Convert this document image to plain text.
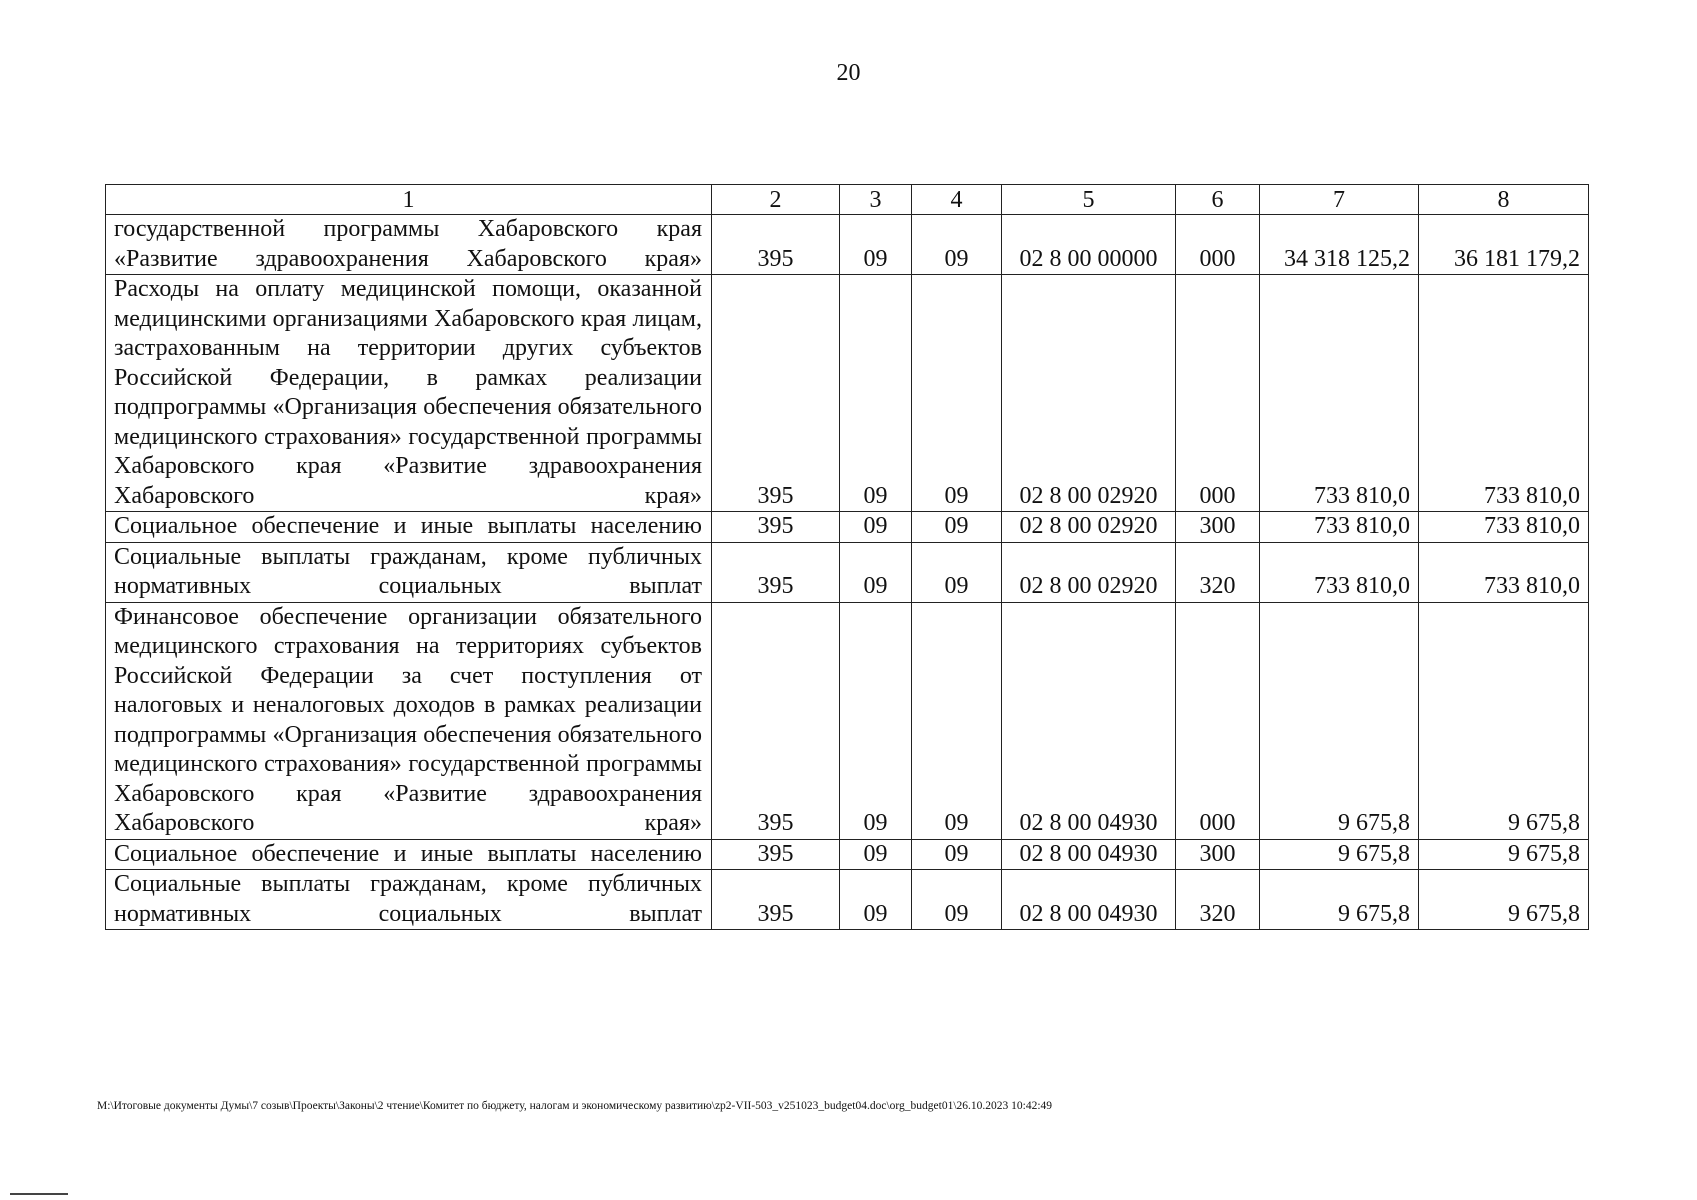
20
1	2	3	4	5	6	7	8
государственной программы Хабаровского края «Развитие здравоохранения Хабаровского края»	395	09	09	02 8 00 00000	000	34 318 125,2	36 181 179,2
Расходы на оплату медицинской помощи, оказанной медицинскими организациями Хабаровского края лицам, застрахованным на территории других субъектов Российской Федерации, в рамках реализации подпрограммы «Организация обеспечения обязательного медицинского страхования» государственной программы Хабаровского края «Развитие здравоохранения Хабаровского края»	395	09	09	02 8 00 02920	000	733 810,0	733 810,0
Социальное обеспечение и иные выплаты населению	395	09	09	02 8 00 02920	300	733 810,0	733 810,0
Социальные выплаты гражданам, кроме публичных нормативных социальных выплат	395	09	09	02 8 00 02920	320	733 810,0	733 810,0
Финансовое обеспечение организации обязательного медицинского страхования на территориях субъектов Российской Федерации за счет поступления от налоговых и неналоговых доходов в рамках реализации подпрограммы «Организация обеспечения обязательного медицинского страхования» государственной программы Хабаровского края «Развитие здравоохранения Хабаровского края»	395	09	09	02 8 00 04930	000	9 675,8	9 675,8
Социальное обеспечение и иные выплаты населению	395	09	09	02 8 00 04930	300	9 675,8	9 675,8
Социальные выплаты гражданам, кроме публичных нормативных социальных выплат	395	09	09	02 8 00 04930	320	9 675,8	9 675,8
M:\Итоговые документы Думы\7 созыв\Проекты\Законы\2 чтение\Комитет по бюджету, налогам и экономическому развитию\zp2-VII-503_v251023_budget04.doc\org_budget01\26.10.2023 10:42:49
